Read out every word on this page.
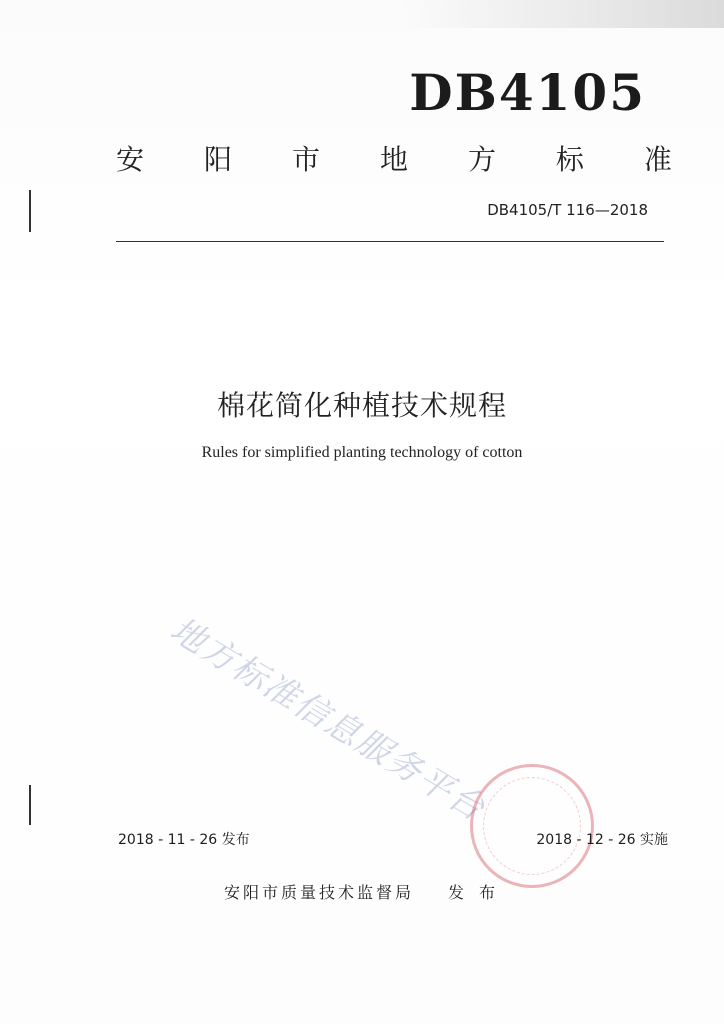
DB4105
安 阳 市 地 方 标 准
DB4105/T 116—2018
棉花简化种植技术规程
Rules for simplified planting technology of cotton
地方标准信息服务平台
2018 - 11 - 26 发布	2018 - 12 - 26 实施
安阳市质量技术监督局 发 布
